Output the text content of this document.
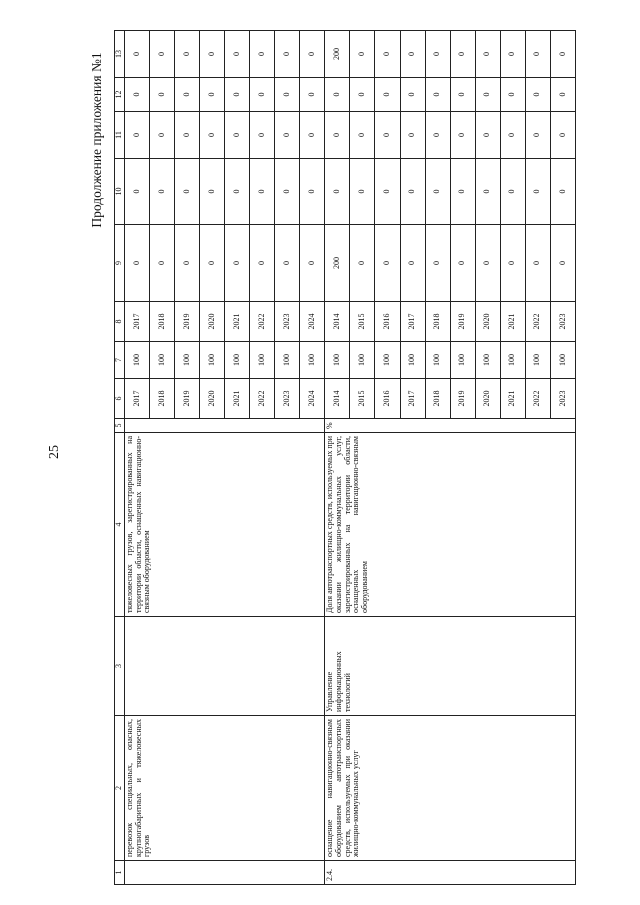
25
Продолжение приложения №1
1	2	3	4	5	6	7	8	9	10	11	12	13
	перевозок специальных, опасных, крупногабаритных и тяжеловесных грузов		тяжеловесных грузов, зарегистрированных на территории области, оснащенных навигационно-связным оборудованием		2017	100	2017	0	0	0	0	0
					2018	100	2018	0	0	0	0	0
					2019	100	2019	0	0	0	0	0
					2020	100	2020	0	0	0	0	0
					2021	100	2021	0	0	0	0	0
					2022	100	2022	0	0	0	0	0
					2023	100	2023	0	0	0	0	0
					2024	100	2024	0	0	0	0	0
2.4.	оснащение навигационно-связным оборудованием автотранспортных средств, используемых при оказании жилищно-коммунальных услуг	Управление информационных технологий	Доля автотранспортных средств, используемых при оказании жилищно-коммунальных услуг, зарегистрированных на территории области, оснащенных навигационно-связным оборудованием	%	2014	100	2014	200	0	0	0	200
					2015	100	2015	0	0	0	0	0
					2016	100	2016	0	0	0	0	0
					2017	100	2017	0	0	0	0	0
					2018	100	2018	0	0	0	0	0
					2019	100	2019	0	0	0	0	0
					2020	100	2020	0	0	0	0	0
					2021	100	2021	0	0	0	0	0
					2022	100	2022	0	0	0	0	0
					2023	100	2023	0	0	0	0	0
